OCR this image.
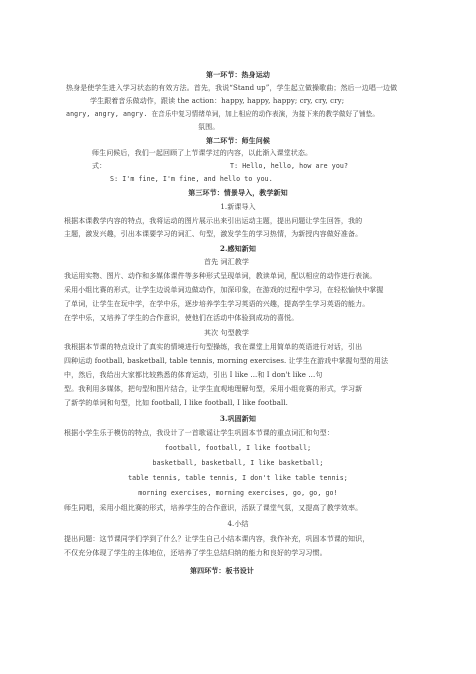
第一环节：热身运动
热身是使学生进入学习状态的有效方法。首先，我说“Stand up”，学生起立做操歌曲；然后一边唱一边做
学生跟着音乐做动作，跟读 the action：happy, happy, happy; cry, cry, cry;
angry, angry, angry. 在音乐中复习情绪单词，加上相应的动作表演，为接下来的教学做好了铺垫。
氛围。
第二环节：师生问候
师生问候后，我们一起回顾了上节课学过的内容，以此渐入课堂状态。
式：	T: Hello, hello, how are you?
S: I'm fine, I'm fine, and hello to you.
第三环节：情景导入，教学新知
1.新课导入
根据本课教学内容的特点，我将运动的图片展示出来引出运动主题，提出问题让学生回答，我的
主题，激发兴趣，引出本课要学习的词汇、句型，激发学生的学习热情，为新授内容做好准备。
2.感知新知
首先 词汇教学
我运用实物、图片、动作和多媒体课件等多种形式呈现单词，教读单词，配以相应的动作进行表演。
采用小组比赛的形式，让学生边说单词边做动作，加深印象，在游戏的过程中学习，在轻松愉快中掌握
了单词，让学生在玩中学，在学中乐，逐步培养学生学习英语的兴趣，提高学生学习英语的能力。
在学中乐，又培养了学生的合作意识，使他们在活动中体验到成功的喜悦。
其次 句型教学
我根据本节课的特点设计了真实的情境进行句型操练，我在课堂上用简单的英语进行对话，引出
四种运动 football, basketball, table tennis, morning exercises. 让学生在游戏中掌握句型的用法
中，然后，我给出大家都比较熟悉的体育运动，引出 I like ...和 I don't like ...句
型。我利用多媒体，把句型和图片结合，让学生直观地理解句型，采用小组竞赛的形式，学习新
了新学的单词和句型，比如 football, I like football, I like football.
3.巩固新知
根据小学生乐于模仿的特点，我设计了一首歌谣让学生巩固本节课的重点词汇和句型：
football, football, I like football;
basketball, basketball, I like basketball;
table tennis, table tennis, I don't like table tennis;
morning exercises, morning exercises, go, go, go!
师生同唱，采用小组比赛的形式，培养学生的合作意识，活跃了课堂气氛，又提高了教学效率。
4.小结
提出问题：这节课同学们学到了什么？让学生自己小结本课内容，我作补充，巩固本节课的知识，
不仅充分体现了学生的主体地位，还培养了学生总结归纳的能力和良好的学习习惯。
第四环节：板书设计
